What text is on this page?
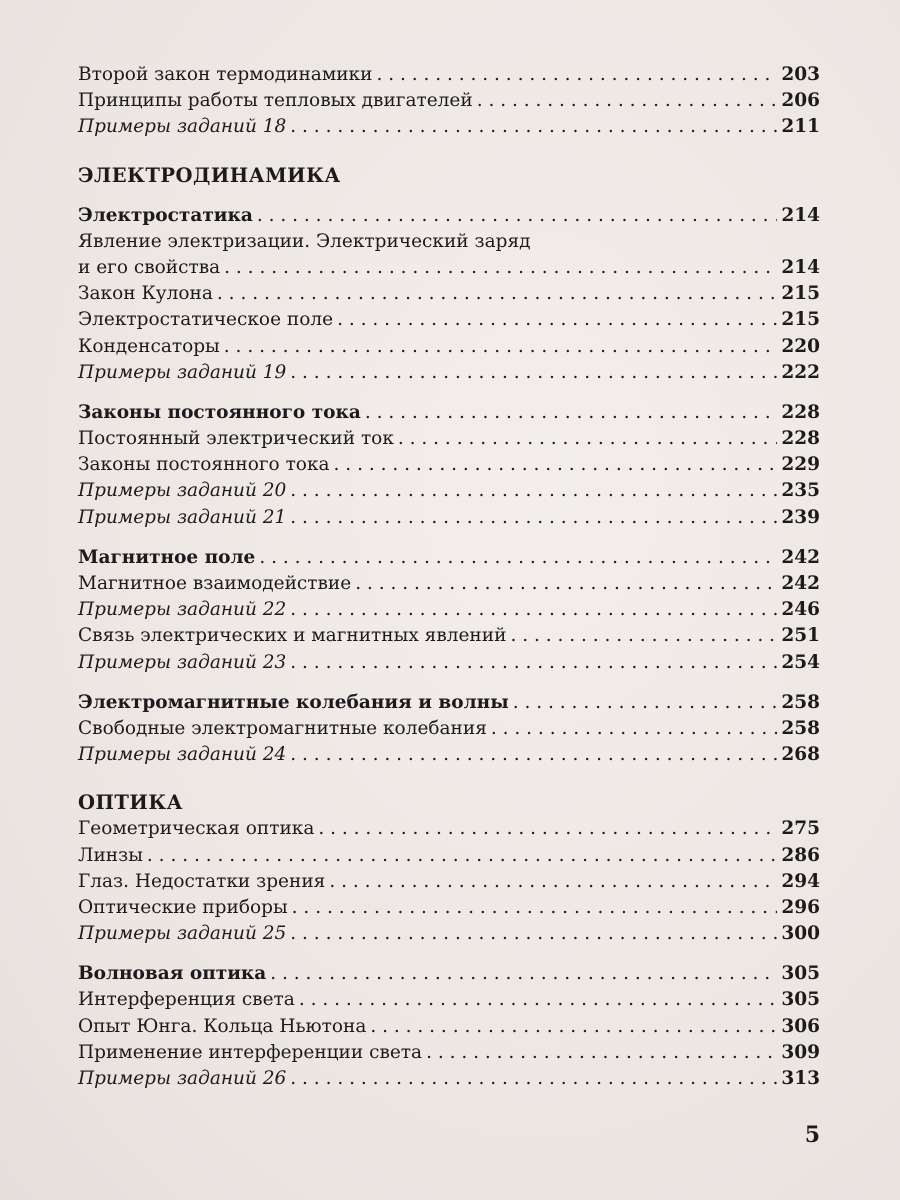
Второй закон термодинамики . . .	203
Принципы работы тепловых двигателей . . .	206
Примеры заданий 18 . . .	211
ЭЛЕКТРОДИНАМИКА
Электростатика . . .	214
Явление электризации. Электрический заряд
и его свойства . . .	214
Закон Кулона . . .	215
Электростатическое поле . . .	215
Конденсаторы . . .	220
Примеры заданий 19 . . .	222
Законы постоянного тока . . .	228
Постоянный электрический ток . . .	228
Законы постоянного тока . . .	229
Примеры заданий 20 . . .	235
Примеры заданий 21 . . .	239
Магнитное поле . . .	242
Магнитное взаимодействие . . .	242
Примеры заданий 22 . . .	246
Связь электрических и магнитных явлений . . .	251
Примеры заданий 23 . . .	254
Электромагнитные колебания и волны . . .	258
Свободные электромагнитные колебания . . .	258
Примеры заданий 24 . . .	268
ОПТИКА
Геометрическая оптика . . .	275
Линзы . . .	286
Глаз. Недостатки зрения . . .	294
Оптические приборы . . .	296
Примеры заданий 25 . . .	300
Волновая оптика . . .	305
Интерференция света . . .	305
Опыт Юнга. Кольца Ньютона . . .	306
Применение интерференции света . . .	309
Примеры заданий 26 . . .	313
5
